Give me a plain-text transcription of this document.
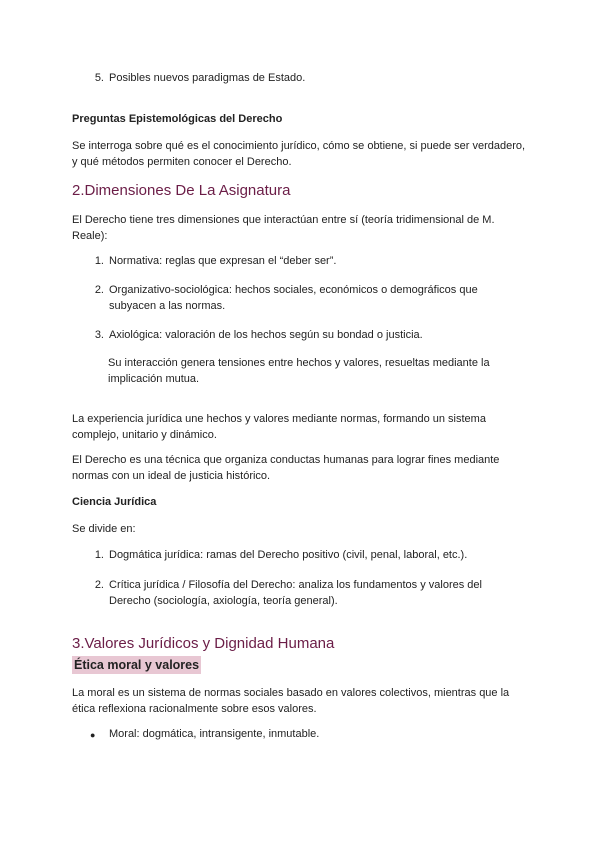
5. Posibles nuevos paradigmas de Estado.

Preguntas Epistemológicas del Derecho

Se interroga sobre qué es el conocimiento jurídico, cómo se obtiene, si puede ser verdadero, y qué métodos permiten conocer el Derecho.

2.Dimensiones De La Asignatura

El Derecho tiene tres dimensiones que interactúan entre sí (teoría tridimensional de M. Reale):

1. Normativa: reglas que expresan el “deber ser”.
2. Organizativo-sociológica: hechos sociales, económicos o demográficos que subyacen a las normas.
3. Axiológica: valoración de los hechos según su bondad o justicia.

Su interacción genera tensiones entre hechos y valores, resueltas mediante la implicación mutua.

La experiencia jurídica une hechos y valores mediante normas, formando un sistema complejo, unitario y dinámico.

El Derecho es una técnica que organiza conductas humanas para lograr fines mediante normas con un ideal de justicia histórico.

Ciencia Jurídica

Se divide en:

1. Dogmática jurídica: ramas del Derecho positivo (civil, penal, laboral, etc.).
2. Crítica jurídica / Filosofía del Derecho: analiza los fundamentos y valores del Derecho (sociología, axiología, teoría general).
3.Valores Jurídicos y Dignidad Humana
Ética moral y valores

La moral es un sistema de normas sociales basado en valores colectivos, mientras que la ética reflexiona racionalmente sobre esos valores.

● Moral: dogmática, intransigente, inmutable.
